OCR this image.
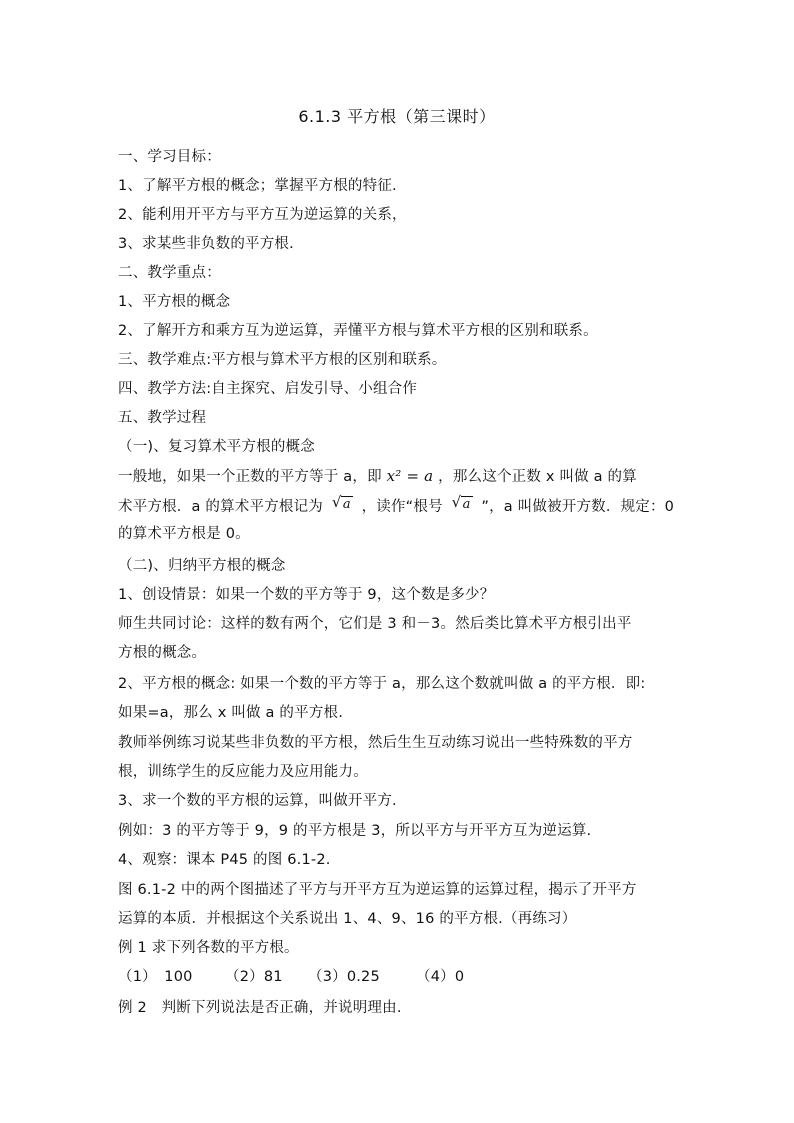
6.1.3 平方根（第三课时）
一、学习目标：
1、了解平方根的概念；掌握平方根的特征.
2、能利用开平方与平方互为逆运算的关系，
3、求某些非负数的平方根.
二、教学重点：
1、平方根的概念
2、了解开方和乘方互为逆运算，弄懂平方根与算术平方根的区别和联系。
三、教学难点:平方根与算术平方根的区别和联系。
四、教学方法:自主探究、启发引导、小组合作
五、教学过程
（一)、复习算术平方根的概念
一般地，如果一个正数的平方等于 a，即 x² = a ，那么这个正数 x 叫做 a 的算
术平方根．a 的算术平方根记为 √ a ，读作“根号 √ a ”，a 叫做被开方数．规定：0
的算术平方根是 0。
（二)、归纳平方根的概念
1、创设情景：如果一个数的平方等于 9，这个数是多少？
师生共同讨论：这样的数有两个，它们是 3 和－3。然后类比算术平方根引出平
方根的概念。
2、平方根的概念: 如果一个数的平方等于 a，那么这个数就叫做 a 的平方根．即:
如果=a，那么 x 叫做 a 的平方根.
教师举例练习说某些非负数的平方根，然后生生互动练习说出一些特殊数的平方
根，训练学生的反应能力及应用能力。
3、求一个数的平方根的运算，叫做开平方.
例如：3 的平方等于 9，9 的平方根是 3，所以平方与开平方互为逆运算.
4、观察：课本 P45 的图 6.1-2.
图 6.1-2 中的两个图描述了平方与开平方互为逆运算的运算过程，揭示了开平方
运算的本质．并根据这个关系说出 1、4、9、16 的平方根.（再练习）
例 1 求下列各数的平方根。
（1）　100 （2）81 （3）0.25 （4）0
例 2　判断下列说法是否正确，并说明理由.
